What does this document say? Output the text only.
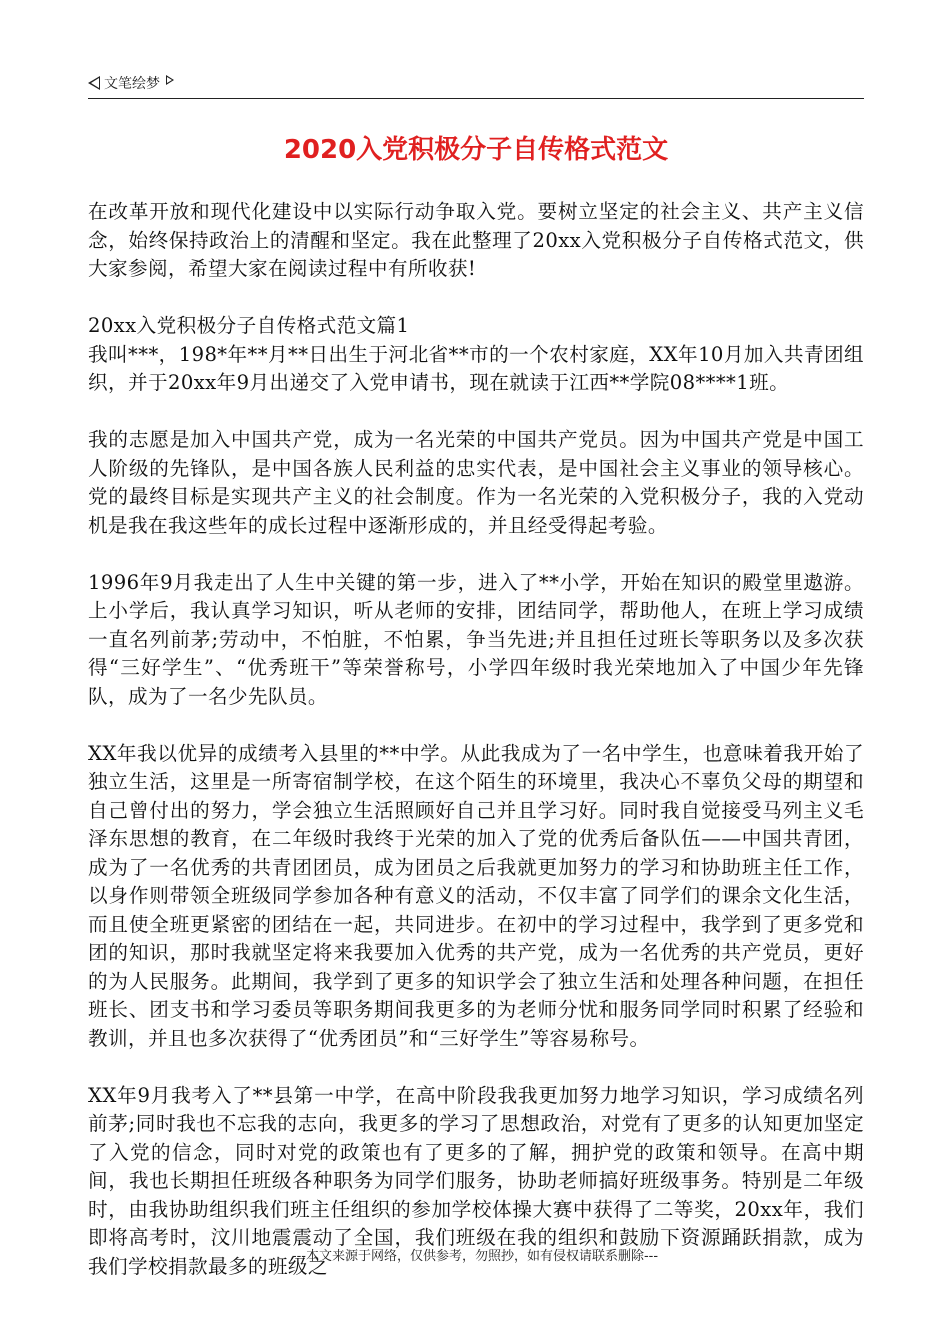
文笔绘梦
2020入党积极分子自传格式范文

在改革开放和现代化建设中以实际行动争取入党。要树立坚定的社会主义、共产主义信念，始终保持政治上的清醒和坚定。我在此整理了20xx入党积极分子自传格式范文，供大家参阅，希望大家在阅读过程中有所收获!

20xx入党积极分子自传格式范文篇1

我叫***，198*年**月**日出生于河北省**市的一个农村家庭，XX年10月加入共青团组织，并于20xx年9月出递交了入党申请书，现在就读于江西**学院08****1班。

我的志愿是加入中国共产党，成为一名光荣的中国共产党员。因为中国共产党是中国工人阶级的先锋队，是中国各族人民利益的忠实代表，是中国社会主义事业的领导核心。党的最终目标是实现共产主义的社会制度。作为一名光荣的入党积极分子，我的入党动机是我在我这些年的成长过程中逐渐形成的，并且经受得起考验。

1996年9月我走出了人生中关键的第一步，进入了**小学，开始在知识的殿堂里遨游。上小学后，我认真学习知识，听从老师的安排，团结同学，帮助他人，在班上学习成绩一直名列前茅;劳动中，不怕脏，不怕累，争当先进;并且担任过班长等职务以及多次获得“三好学生”、“优秀班干”等荣誉称号，小学四年级时我光荣地加入了中国少年先锋队，成为了一名少先队员。

XX年我以优异的成绩考入县里的**中学。从此我成为了一名中学生，也意味着我开始了独立生活，这里是一所寄宿制学校，在这个陌生的环境里，我决心不辜负父母的期望和自己曾付出的努力，学会独立生活照顾好自己并且学习好。同时我自觉接受马列主义毛泽东思想的教育，在二年级时我终于光荣的加入了党的优秀后备队伍——中国共青团，成为了一名优秀的共青团团员，成为团员之后我就更加努力的学习和协助班主任工作，以身作则带领全班级同学参加各种有意义的活动，不仅丰富了同学们的课余文化生活，而且使全班更紧密的团结在一起，共同进步。在初中的学习过程中，我学到了更多党和团的知识，那时我就坚定将来我要加入优秀的共产党，成为一名优秀的共产党员，更好的为人民服务。此期间，我学到了更多的知识学会了独立生活和处理各种问题，在担任班长、团支书和学习委员等职务期间我更多的为老师分忧和服务同学同时积累了经验和教训，并且也多次获得了“优秀团员”和“三好学生”等容易称号。

XX年9月我考入了**县第一中学，在高中阶段我我更加努力地学习知识，学习成绩名列前茅;同时我也不忘我的志向，我更多的学习了思想政治，对党有了更多的认知更加坚定了入党的信念，同时对党的政策也有了更多的了解，拥护党的政策和领导。在高中期间，我也长期担任班级各种职务为同学们服务，协助老师搞好班级事务。特别是二年级时，由我协助组织我们班主任组织的参加学校体操大赛中获得了二等奖，20xx年，我们即将高考时，汶川地震震动了全国，我们班级在我的组织和鼓励下资源踊跃捐款，成为我们学校捐款最多的班级之

---本文来源于网络，仅供参考，勿照抄，如有侵权请联系删除---
